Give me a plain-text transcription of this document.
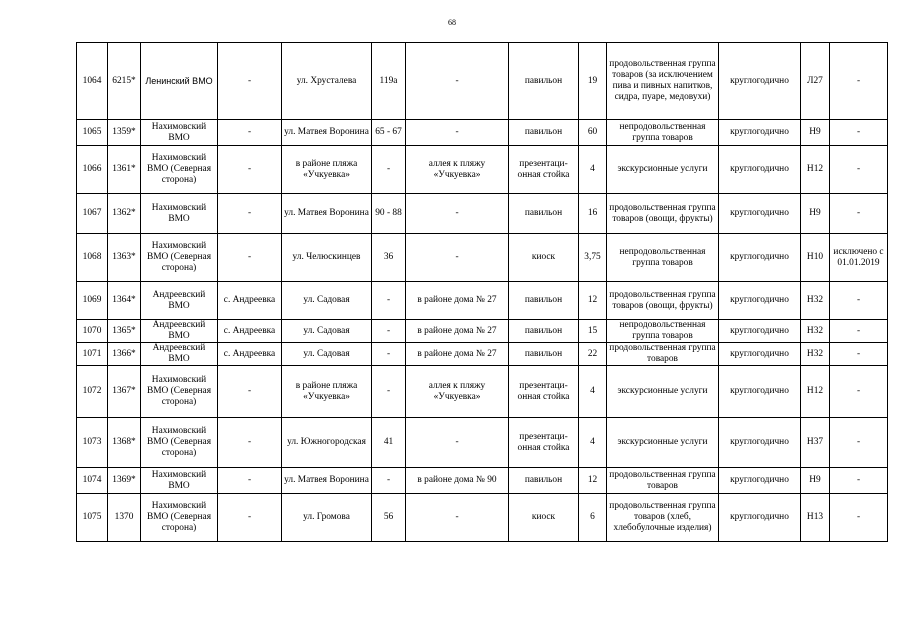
68
1064	6215*	Ленинский ВМО	-	ул. Хрусталева	119а	-	павильон	19	продовольственная группа товаров (за исключением пива и пивных напитков, сидра, пуаре, медовухи)	круглогодично	Л27	-
1065	1359*	Нахимовский ВМО	-	ул. Матвея Воронина	65 - 67	-	павильон	60	непродовольственная группа товаров	круглогодично	Н9	-
1066	1361*	Нахимовский ВМО (Северная сторона)	-	в районе пляжа «Учкуевка»	-	аллея к пляжу «Учкуевка»	презентаци-онная стойка	4	экскурсионные услуги	круглогодично	Н12	-
1067	1362*	Нахимовский ВМО	-	ул. Матвея Воронина	90 - 88	-	павильон	16	продовольственная группа товаров (овощи, фрукты)	круглогодично	Н9	-
1068	1363*	Нахимовский ВМО (Северная сторона)	-	ул. Челюскинцев	36	-	киоск	3,75	непродовольственная группа товаров	круглогодично	Н10	исключено с 01.01.2019
1069	1364*	Андреевский ВМО	с. Андреевка	ул. Садовая	-	в районе дома № 27	павильон	12	продовольственная группа товаров (овощи, фрукты)	круглогодично	Н32	-
1070	1365*	Андреевский ВМО	с. Андреевка	ул. Садовая	-	в районе дома № 27	павильон	15	непродовольственная группа товаров	круглогодично	Н32	-
1071	1366*	Андреевский ВМО	с. Андреевка	ул. Садовая	-	в районе дома № 27	павильон	22	продовольственная группа товаров	круглогодично	Н32	-
1072	1367*	Нахимовский ВМО (Северная сторона)	-	в районе пляжа «Учкуевка»	-	аллея к пляжу «Учкуевка»	презентаци-онная стойка	4	экскурсионные услуги	круглогодично	Н12	-
1073	1368*	Нахимовский ВМО (Северная сторона)	-	ул. Южногородская	41	-	презентаци-онная стойка	4	экскурсионные услуги	круглогодично	Н37	-
1074	1369*	Нахимовский ВМО	-	ул. Матвея Воронина	-	в районе дома № 90	павильон	12	продовольственная группа товаров	круглогодично	Н9	-
1075	1370	Нахимовский ВМО (Северная сторона)	-	ул. Громова	56	-	киоск	6	продовольственная группа товаров (хлеб, хлебобулочные изделия)	круглогодично	Н13	-
